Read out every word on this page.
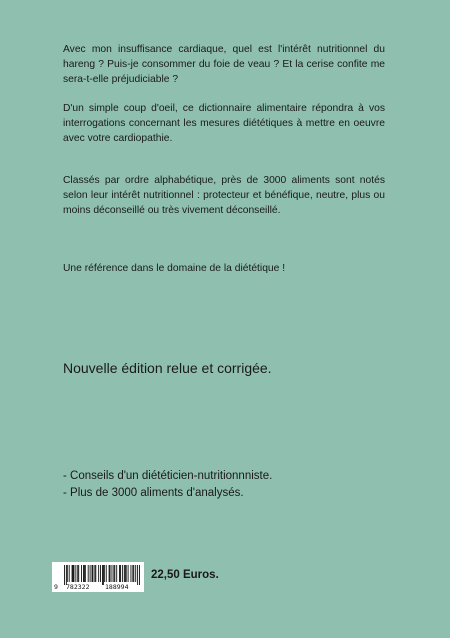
Avec mon insuffisance cardiaque, quel est l'intérêt nutritionnel du hareng ? Puis-je consommer du foie de veau ? Et la cerise confite me sera-t-elle préjudiciable ?

D'un simple coup d'oeil, ce dictionnaire alimentaire répondra à vos interrogations concernant les mesures diététiques à mettre en oeuvre avec votre cardiopathie.

Classés par ordre alphabétique, près de 3000 aliments sont notés selon leur intérêt nutritionnel : protecteur et bénéfique, neutre, plus ou moins déconseillé ou très vivement déconseillé.

Une référence dans le domaine de la diététique !

Nouvelle édition relue et corrigée.

- Conseils d'un diététicien-nutritionnniste.
- Plus de 3000 aliments d'analysés.
9 782322 188994

22,50 Euros.
